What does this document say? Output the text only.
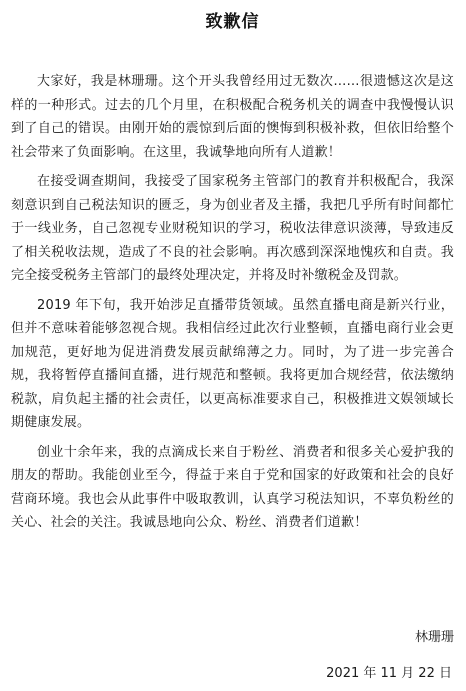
致歉信

大家好，我是林珊珊。这个开头我曾经用过无数次……很遗憾这次是这样的一种形式。过去的几个月里，在积极配合税务机关的调查中我慢慢认识到了自己的错误。由刚开始的震惊到后面的懊悔到积极补救，但依旧给整个社会带来了负面影响。在这里，我诚挚地向所有人道歉！

在接受调查期间，我接受了国家税务主管部门的教育并积极配合，我深刻意识到自己税法知识的匮乏，身为创业者及主播，我把几乎所有时间都忙于一线业务，自己忽视专业财税知识的学习，税收法律意识淡薄，导致违反了相关税收法规，造成了不良的社会影响。再次感到深深地愧疚和自责。我完全接受税务主管部门的最终处理决定，并将及时补缴税金及罚款。

2019 年下旬，我开始涉足直播带货领域。虽然直播电商是新兴行业，但并不意味着能够忽视合规。我相信经过此次行业整顿，直播电商行业会更加规范，更好地为促进消费发展贡献绵薄之力。同时，为了进一步完善合规，我将暂停直播间直播，进行规范和整顿。我将更加合规经营，依法缴纳税款，肩负起主播的社会责任，以更高标准要求自己，积极推进文娱领域长期健康发展。

创业十余年来，我的点滴成长来自于粉丝、消费者和很多关心爱护我的朋友的帮助。我能创业至今，得益于来自于党和国家的好政策和社会的良好营商环境。我也会从此事件中吸取教训，认真学习税法知识，不辜负粉丝的关心、社会的关注。我诚恳地向公众、粉丝、消费者们道歉！

林珊珊
2021 年 11 月 22 日
